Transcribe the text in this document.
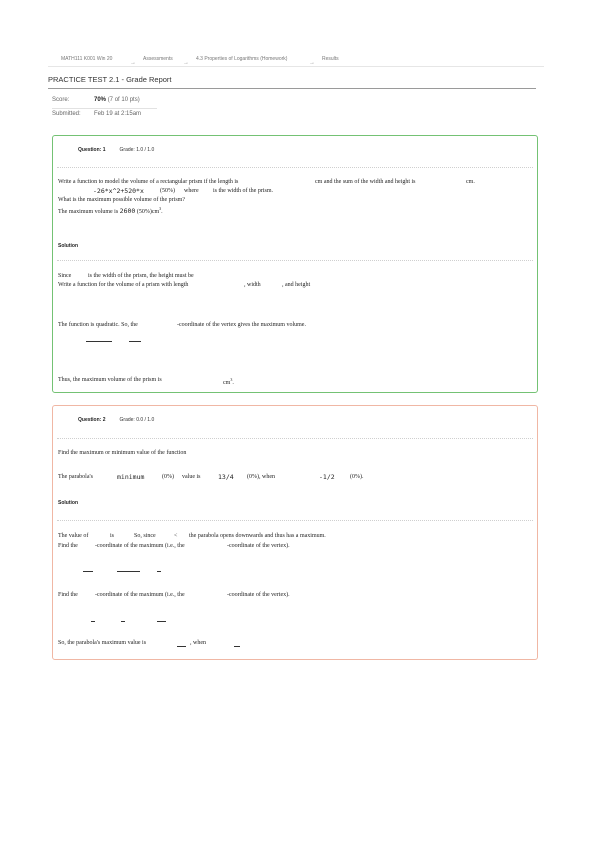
MATH111 K001 Win 20
→
Assessments
→
4.3 Properties of Logarithms (Homework)
→
Results
PRACTICE TEST 2.1 - Grade Report
Score:	70% (7 of 10 pts)
Submitted: Feb 19 at 2:15am
Question: 1	Grade: 1.0 / 1.0
Write a function to model the volume of a rectangular prism if the length is	cm and the sum of the width and height is	cm.
-26*x^2+520*x	(50%) where is the width of the prism.
What is the maximum possible volume of the prism?
The maximum volume is 2600 $(50\%)cm^3$.
Solution
Since	is the width of the prism, the height must be
Write a function for the volume of a prism with length	, width	, and height
The function is quadratic. So, the	-coordinate of the vertex gives the maximum volume.
Thus, the maximum volume of the prism is	$cm^3$.
Question: 2	Grade: 0.0 / 1.0
Find the maximum or minimum value of the function
The parabola's	minimum	(0%) value is	13/4 (0%), when	-1/2	(0%).
Solution
The value of	is	So, since	< the parabola opens downwards and thus has a maximum.
Find the	-coordinate of the maximum (i.e., the	-coordinate of the vertex).
Find the	-coordinate of the maximum (i.e., the	-coordinate of the vertex).
So, the parabola's maximum value is	, when
